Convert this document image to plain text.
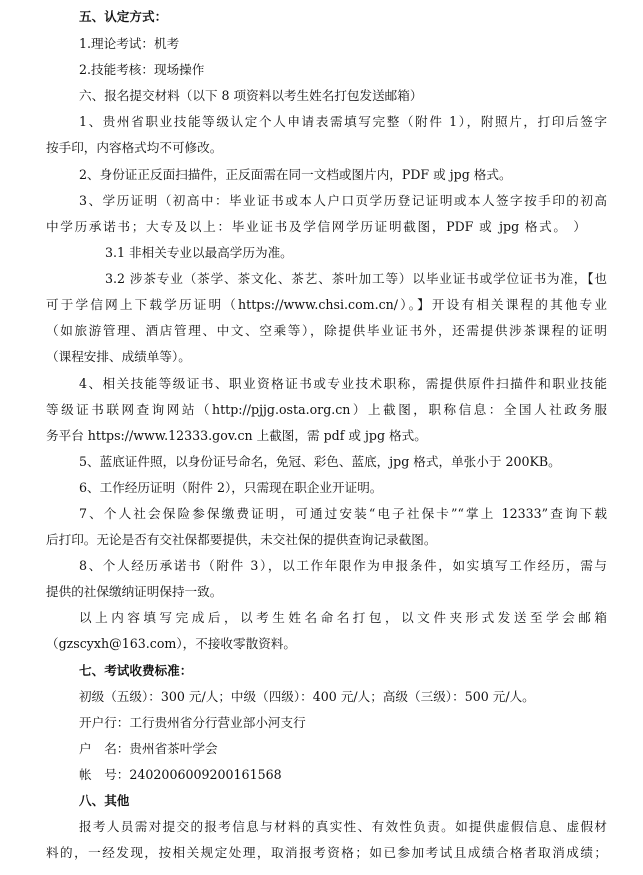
五、认定方式：
1.理论考试：机考
2.技能考核：现场操作
六、报名提交材料（以下 8 项资料以考生姓名打包发送邮箱）
1、贵州省职业技能等级认定个人申请表需填写完整（附件 1），附照片，打印后签字
按手印，内容格式均不可修改。
2、身份证正反面扫描件，正反面需在同一文档或图片内，PDF 或 jpg 格式。
3、学历证明（初高中：毕业证书或本人户口页学历登记证明或本人签字按手印的初高
中学历承诺书；大专及以上：毕业证书及学信网学历证明截图，PDF 或 jpg 格式。 ）
3.1 非相关专业以最高学历为准。
3.2 涉茶专业（茶学、茶文化、茶艺、茶叶加工等）以毕业证书或学位证书为准，【也
可于学信网上下载学历证明（https://www.chsi.com.cn/）。】开设有相关课程的其他专业
（如旅游管理、酒店管理、中文、空乘等），除提供毕业证书外，还需提供涉茶课程的证明
（课程安排、成绩单等）。
4、相关技能等级证书、职业资格证书或专业技术职称，需提供原件扫描件和职业技能
等级证书联网查询网站（http://pjjg.osta.org.cn）上截图，职称信息：全国人社政务服
务平台 https://www.12333.gov.cn 上截图，需 pdf 或 jpg 格式。
5、蓝底证件照，以身份证号命名，免冠、彩色、蓝底，jpg 格式，单张小于 200KB。
6、工作经历证明（附件 2），只需现在职企业开证明。
7、个人社会保险参保缴费证明，可通过安装“电子社保卡”“掌上 12333”查询下载
后打印。无论是否有交社保都要提供，未交社保的提供查询记录截图。
8、个人经历承诺书（附件 3），以工作年限作为申报条件，如实填写工作经历，需与
提供的社保缴纳证明保持一致。
以上内容填写完成后，以考生姓名命名打包，以文件夹形式发送至学会邮箱
（gzscyxh@163.com），不接收零散资料。
七、考试收费标准：
初级（五级）：300 元/人；中级（四级）：400 元/人；高级（三级）：500 元/人。
开户行：工行贵州省分行营业部小河支行
户　名：贵州省茶叶学会
帐　号：2402006009200161568
八、其他
报考人员需对提交的报考信息与材料的真实性、有效性负责。如提供虚假信息、虚假材
料的，一经发现，按相关规定处理，取消报考资格；如已参加考试且成绩合格者取消成绩；
